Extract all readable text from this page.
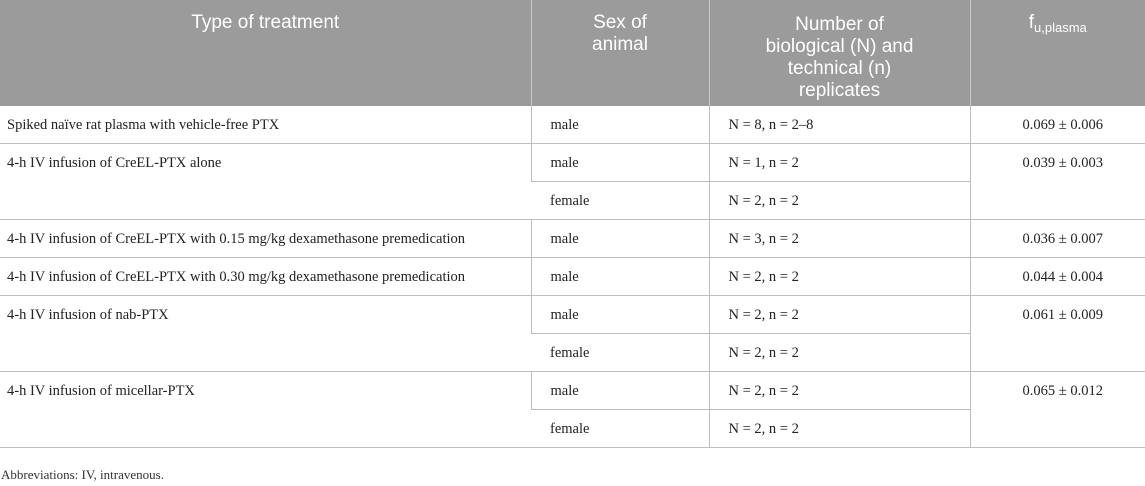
Type of treatment	Sex of animal	Number of biological (N) and technical (n) replicates	$f_{u,plasma}$
Spiked naïve rat plasma with vehicle-free PTX	male	N = 8, n = 2–8	0.069 ± 0.006
4-h IV infusion of CreEL-PTX alone	male	N = 1, n = 2	0.039 ± 0.003
	female	N = 2, n = 2	
4-h IV infusion of CreEL-PTX with 0.15 mg/kg dexamethasone premedication	male	N = 3, n = 2	0.036 ± 0.007
4-h IV infusion of CreEL-PTX with 0.30 mg/kg dexamethasone premedication	male	N = 2, n = 2	0.044 ± 0.004
4-h IV infusion of nab-PTX	male	N = 2, n = 2	0.061 ± 0.009
	female	N = 2, n = 2	
4-h IV infusion of micellar-PTX	male	N = 2, n = 2	0.065 ± 0.012
	female	N = 2, n = 2	

Abbreviations: IV, intravenous.
